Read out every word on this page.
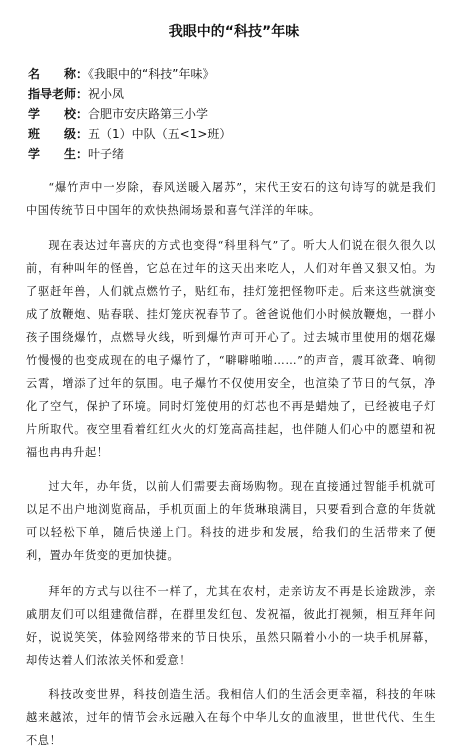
我眼中的“科技”年味
名　　称：《我眼中的“科技”年味》
指导老师：祝小凤
学　　校：合肥市安庆路第三小学
班　　级：五（1）中队（五<1>班）
学　　生：叶子绪

“爆竹声中一岁除，春风送暖入屠苏”，宋代王安石的这句诗写的就是我们中国传统节日中国年的欢快热闹场景和喜气洋洋的年味。

现在表达过年喜庆的方式也变得“科里科气”了。听大人们说在很久很久以前，有种叫年的怪兽，它总在过年的这天出来吃人，人们对年兽又狠又怕。为了驱赶年兽，人们就点燃竹子，贴红布，挂灯笼把怪物吓走。后来这些就演变成了放鞭炮、贴春联、挂灯笼庆祝春节了。爸爸说他们小时候放鞭炮，一群小孩子围绕爆竹，点燃导火线，听到爆竹声可开心了。过去城市里使用的烟花爆竹慢慢的也变成现在的电子爆竹了，“噼噼啪啪……”的声音，震耳欲聋、响彻云霄，增添了过年的氛围。电子爆竹不仅使用安全，也渲染了节日的气氛，净化了空气，保护了环境。同时灯笼使用的灯芯也不再是蜡烛了，已经被电子灯片所取代。夜空里看着红红火火的灯笼高高挂起，也伴随人们心中的愿望和祝福也冉冉升起！

过大年，办年货，以前人们需要去商场购物。现在直接通过智能手机就可以足不出户地浏览商品，手机页面上的年货琳琅满目，只要看到合意的年货就可以轻松下单，随后快递上门。科技的进步和发展，给我们的生活带来了便利，置办年货变的更加快捷。

拜年的方式与以往不一样了，尤其在农村，走亲访友不再是长途跋涉，亲戚朋友们可以组建微信群，在群里发红包、发祝福，彼此打视频，相互拜年问好，说说笑笑，体验网络带来的节日快乐，虽然只隔着小小的一块手机屏幕，却传达着人们浓浓关怀和爱意！

科技改变世界，科技创造生活。我相信人们的生活会更幸福，科技的年味越来越浓，过年的情节会永远融入在每个中华儿女的血液里，世世代代、生生不息！
